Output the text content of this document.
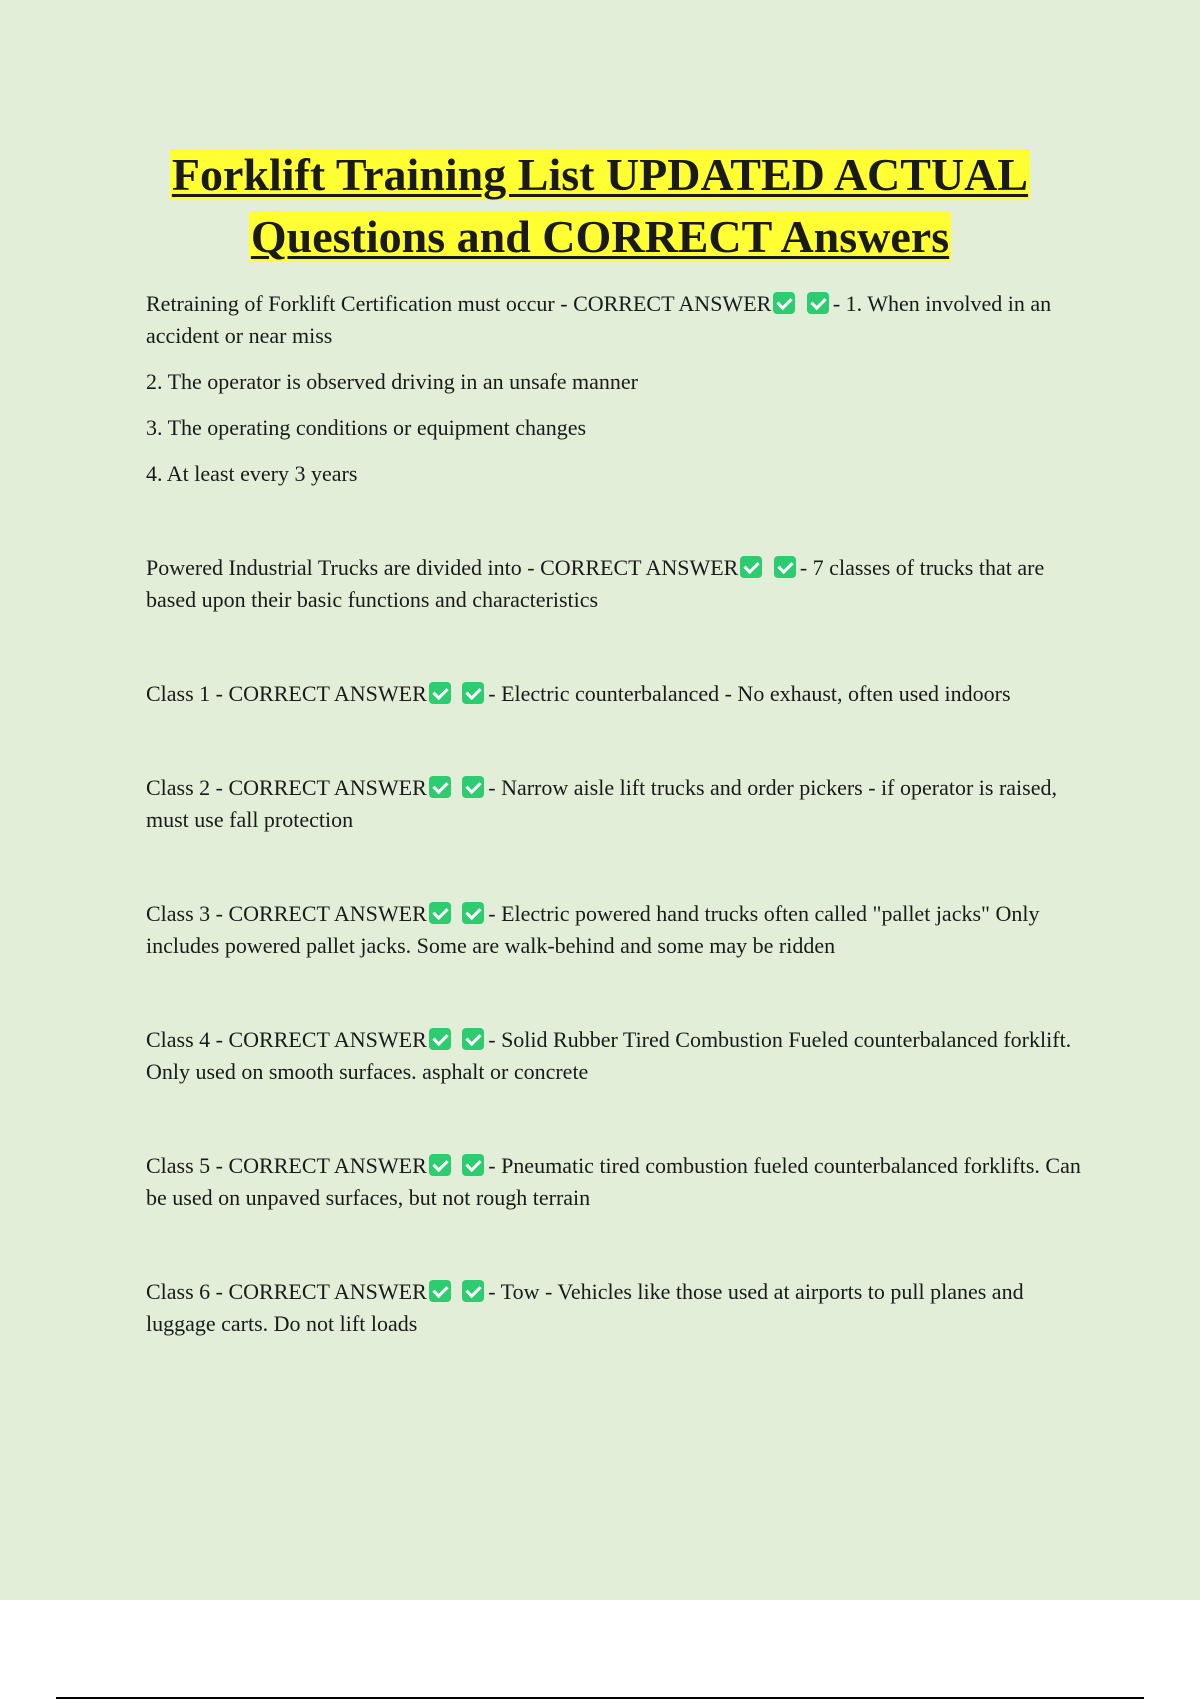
Forklift Training List UPDATED ACTUAL
Questions and CORRECT Answers

Retraining of Forklift Certification must occur - CORRECT ANSWER	- 1. When involved in an accident or near miss

2. The operator is observed driving in an unsafe manner

3. The operating conditions or equipment changes

4. At least every 3 years

Powered Industrial Trucks are divided into - CORRECT ANSWER	- 7 classes of trucks that are based upon their basic functions and characteristics

Class 1 - CORRECT ANSWER	- Electric counterbalanced - No exhaust, often used indoors

Class 2 - CORRECT ANSWER	- Narrow aisle lift trucks and order pickers - if operator is raised, must use fall protection

Class 3 - CORRECT ANSWER	- Electric powered hand trucks often called "pallet jacks" Only includes powered pallet jacks. Some are walk-behind and some may be ridden

Class 4 - CORRECT ANSWER	- Solid Rubber Tired Combustion Fueled counterbalanced forklift. Only used on smooth surfaces. asphalt or concrete

Class 5 - CORRECT ANSWER	- Pneumatic tired combustion fueled counterbalanced forklifts. Can be used on unpaved surfaces, but not rough terrain

Class 6 - CORRECT ANSWER	- Tow - Vehicles like those used at airports to pull planes and luggage carts. Do not lift loads
